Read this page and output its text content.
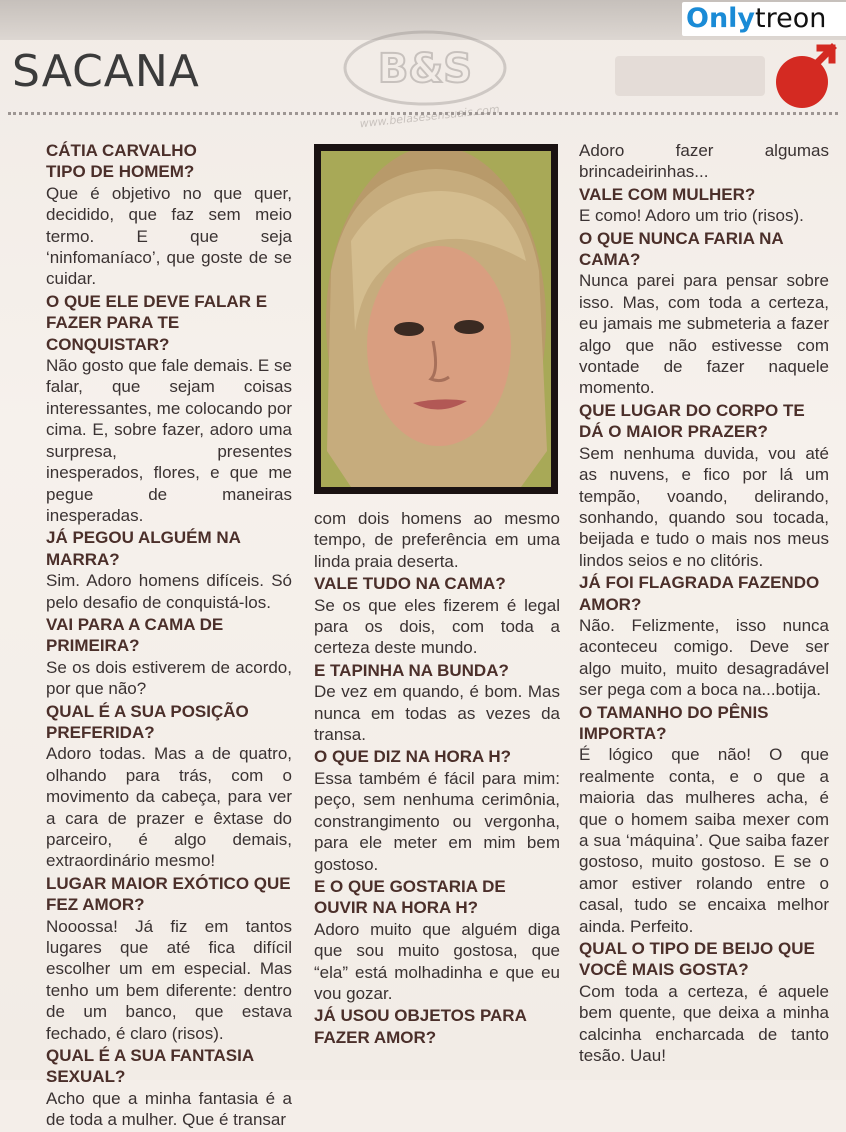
SACANA	B&S
www.belasesensuais.com
Onlytreon

CÁTIA CARVALHO

TIPO DE HOMEM?

Que é objetivo no que quer, decidido, que faz sem meio termo. E que seja ‘ninfomaníaco’, que goste de se cuidar.

O QUE ELE DEVE FALAR E FAZER PARA TE CONQUISTAR?

Não gosto que fale demais. E se falar, que sejam coisas interessantes, me colocando por cima. E, sobre fazer, adoro uma surpresa, presentes inesperados, flores, e que me pegue de maneiras inesperadas.

JÁ PEGOU ALGUÉM NA MARRA?

Sim. Adoro homens difíceis. Só pelo desafio de conquistá-los.

VAI PARA A CAMA DE PRIMEIRA?

Se os dois estiverem de acordo, por que não?

QUAL É A SUA POSIÇÃO PREFERIDA?

Adoro todas. Mas a de quatro, olhando para trás, com o movimento da cabeça, para ver a cara de prazer e êxtase do parceiro, é algo demais, extraordinário mesmo!

LUGAR MAIOR EXÓTICO QUE FEZ AMOR?

Nooossa! Já fiz em tantos lugares que até fica difícil escolher um em especial. Mas tenho um bem diferente: dentro de um banco, que estava fechado, é claro (risos).

QUAL É A SUA FANTASIA SEXUAL?

Acho que a minha fantasia é a de toda a mulher. Que é transar

com dois homens ao mesmo tempo, de preferência em uma linda praia deserta.

VALE TUDO NA CAMA?

Se os que eles fizerem é legal para os dois, com toda a certeza deste mundo.

E TAPINHA NA BUNDA?

De vez em quando, é bom. Mas nunca em todas as vezes da transa.

O QUE DIZ NA HORA H?

Essa também é fácil para mim: peço, sem nenhuma cerimônia, constrangimento ou vergonha, para ele meter em mim bem gostoso.

E O QUE GOSTARIA DE OUVIR NA HORA H?

Adoro muito que alguém diga que sou muito gostosa, que “ela” está molhadinha e que eu vou gozar.

JÁ USOU OBJETOS PARA FAZER AMOR?

Adoro fazer algumas brincadeirinhas...

VALE COM MULHER?

E como! Adoro um trio (risos).

O QUE NUNCA FARIA NA CAMA?

Nunca parei para pensar sobre isso. Mas, com toda a certeza, eu jamais me submeteria a fazer algo que não estivesse com vontade de fazer naquele momento.

QUE LUGAR DO CORPO TE DÁ O MAIOR PRAZER?

Sem nenhuma duvida, vou até as nuvens, e fico por lá um tempão, voando, delirando, sonhando, quando sou tocada, beijada e tudo o mais nos meus lindos seios e no clitóris.

JÁ FOI FLAGRADA FAZENDO AMOR?

Não. Felizmente, isso nunca aconteceu comigo. Deve ser algo muito, muito desagradável ser pega com a boca na...botija.

O TAMANHO DO PÊNIS IMPORTA?

É lógico que não! O que realmente conta, e o que a maioria das mulheres acha, é que o homem saiba mexer com a sua ‘máquina’. Que saiba fazer gostoso, muito gostoso. E se o amor estiver rolando entre o casal, tudo se encaixa melhor ainda. Perfeito.

QUAL O TIPO DE BEIJO QUE VOCÊ MAIS GOSTA?

Com toda a certeza, é aquele bem quente, que deixa a minha calcinha encharcada de tanto tesão. Uau!
